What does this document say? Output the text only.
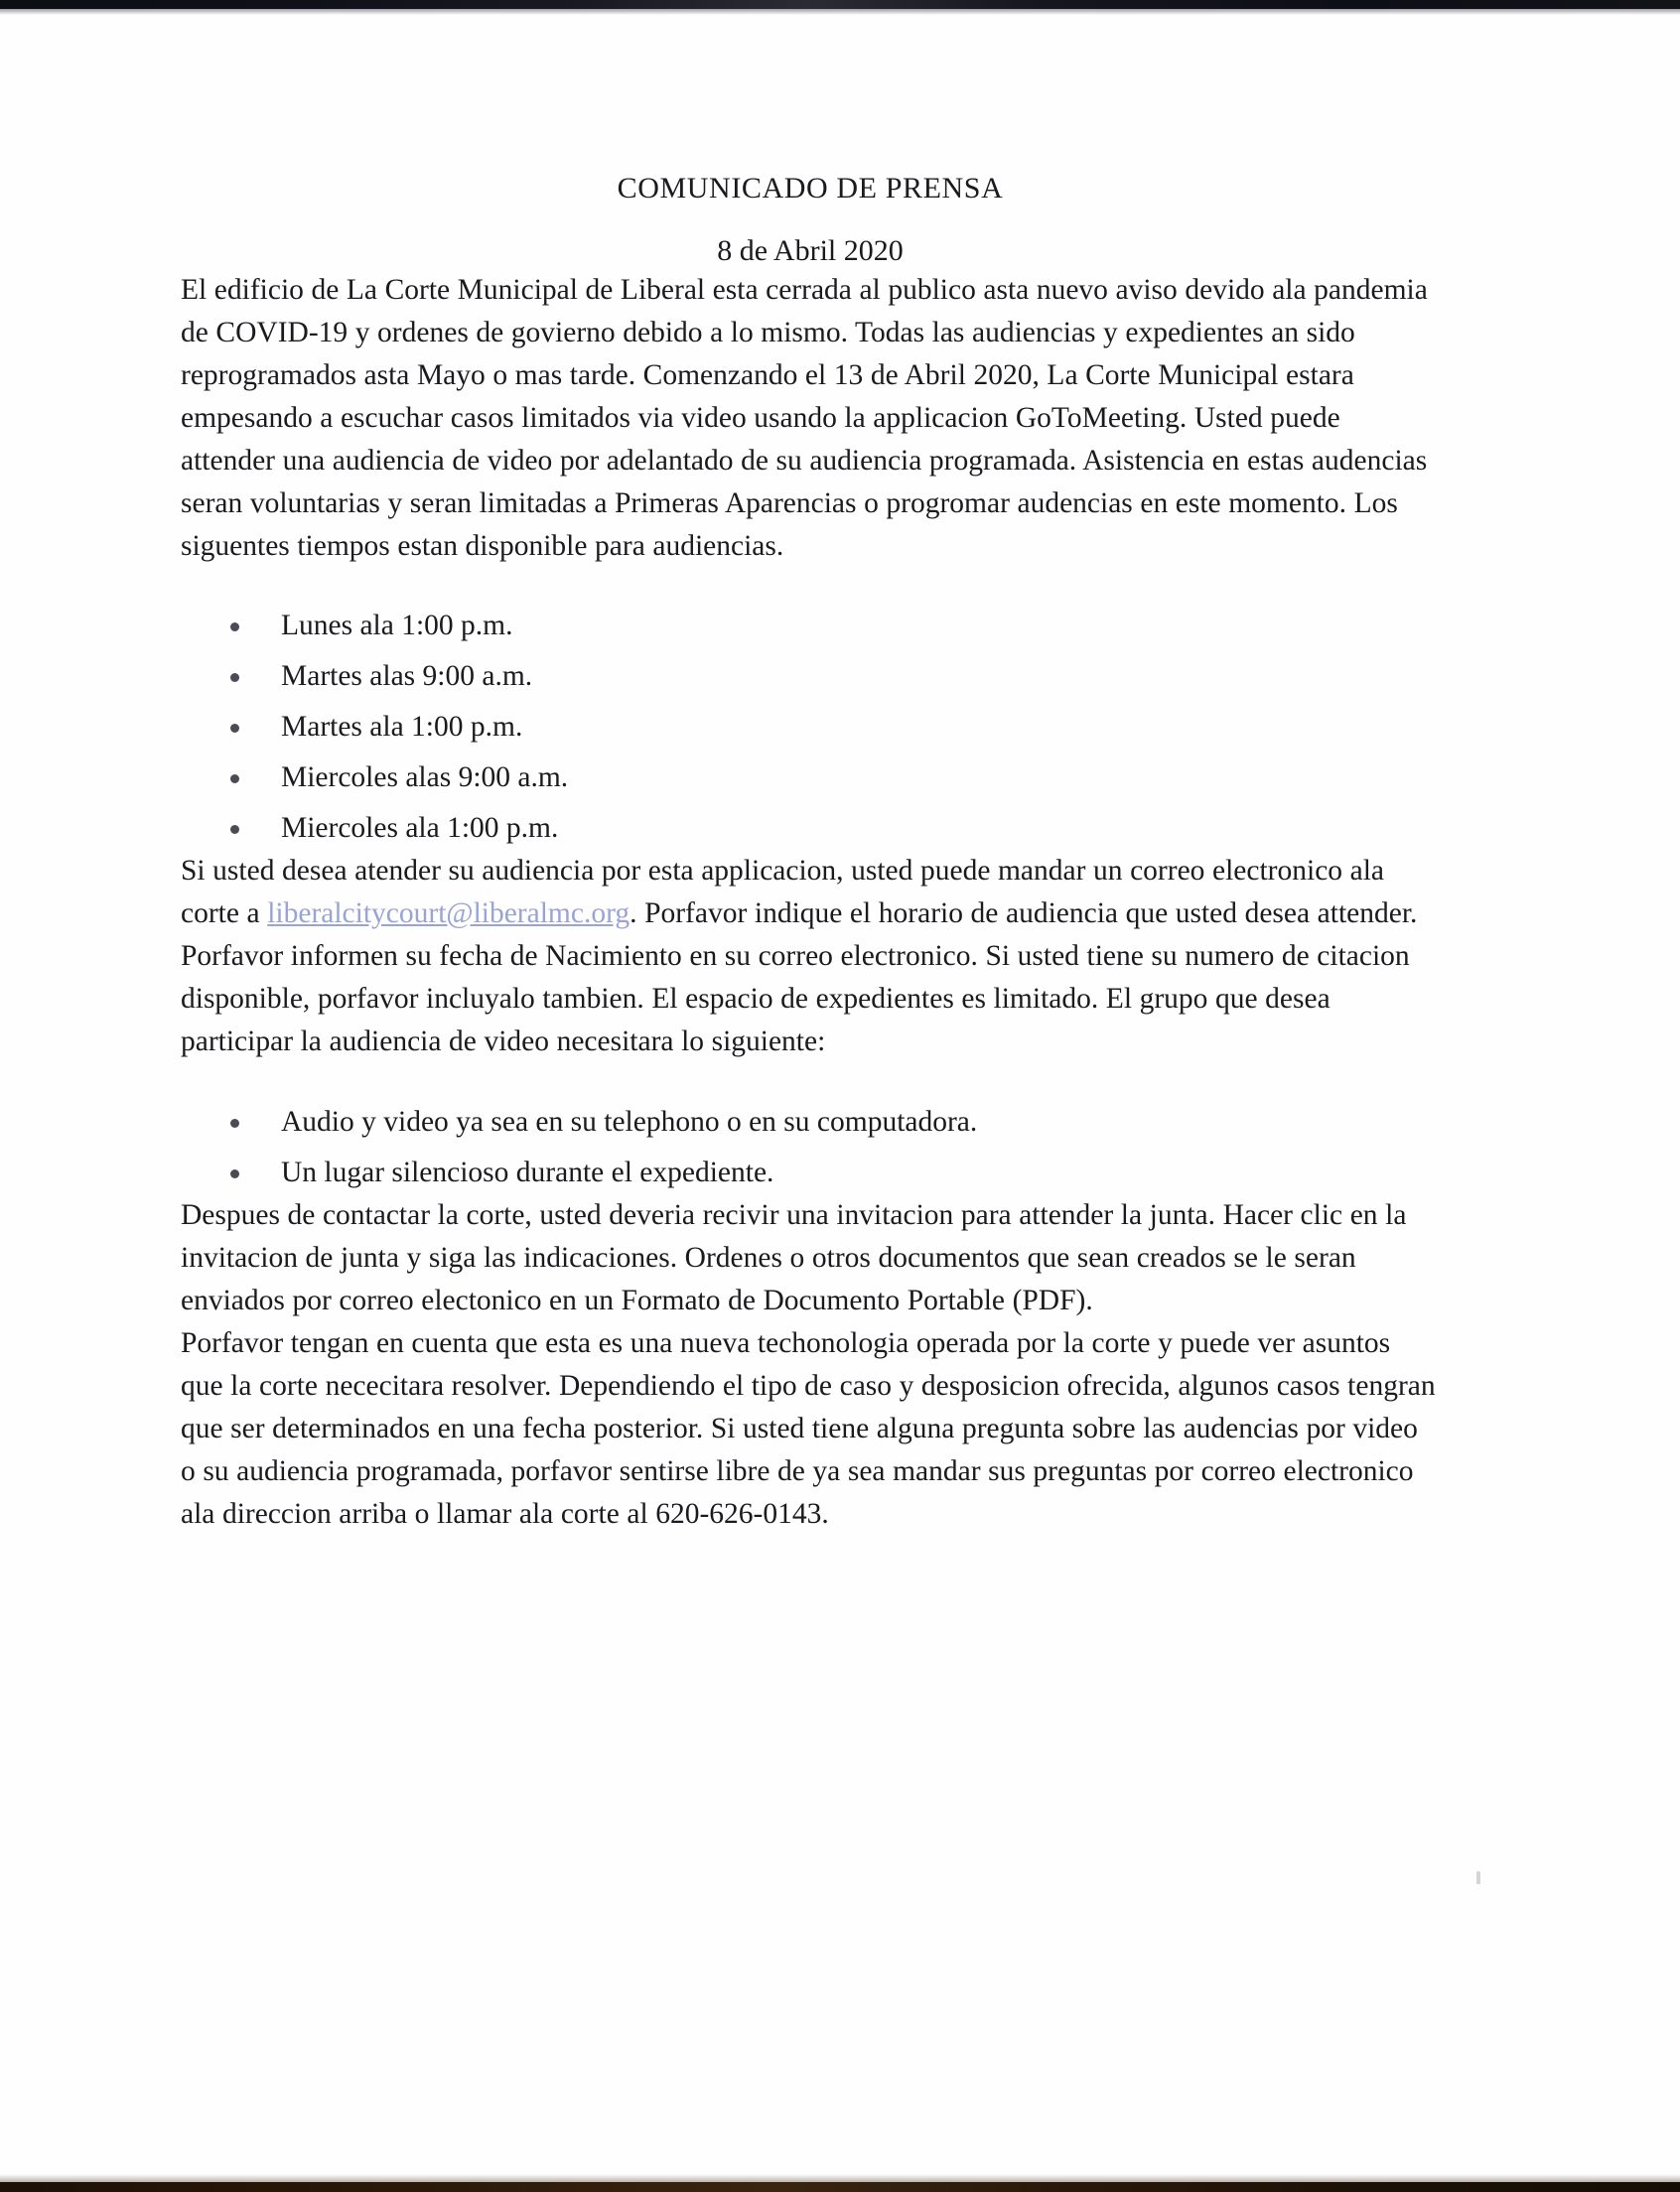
COMUNICADO DE PRENSA

8 de Abril 2020

El edificio de La Corte Municipal de Liberal esta cerrada al publico asta nuevo aviso devido ala pandemia de COVID-19 y ordenes de govierno debido a lo mismo. Todas las audiencias y expedientes an sido reprogramados asta Mayo o mas tarde. Comenzando el 13 de Abril 2020, La Corte Municipal estara empesando a escuchar casos limitados via video usando la applicacion GoToMeeting. Usted puede attender una audiencia de video por adelantado de su audiencia programada. Asistencia en estas audencias seran voluntarias y seran limitadas a Primeras Aparencias o progromar audencias en este momento. Los siguentes tiempos estan disponible para audiencias.

Lunes ala 1:00 p.m.
Martes alas 9:00 a.m.
Martes ala 1:00 p.m.
Miercoles alas 9:00 a.m.
Miercoles ala 1:00 p.m.

Si usted desea atender su audiencia por esta applicacion, usted puede mandar un correo electronico ala corte a liberalcitycourt@liberalmc.org. Porfavor indique el horario de audiencia que usted desea attender. Porfavor informen su fecha de Nacimiento en su correo electronico. Si usted tiene su numero de citacion disponible, porfavor incluyalo tambien. El espacio de expedientes es limitado. El grupo que desea participar la audiencia de video necesitara lo siguiente:

Audio y video ya sea en su telephono o en su computadora.
Un lugar silencioso durante el expediente.

Despues de contactar la corte, usted deveria recivir una invitacion para attender la junta. Hacer clic en la invitacion de junta y siga las indicaciones. Ordenes o otros documentos que sean creados se le seran enviados por correo electonico en un Formato de Documento Portable (PDF).

Porfavor tengan en cuenta que esta es una nueva techonologia operada por la corte y puede ver asuntos que la corte nececitara resolver. Dependiendo el tipo de caso y desposicion ofrecida, algunos casos tengran que ser determinados en una fecha posterior. Si usted tiene alguna pregunta sobre las audencias por video o su audiencia programada, porfavor sentirse libre de ya sea mandar sus preguntas por correo electronico ala direccion arriba o llamar ala corte al 620-626-0143.
